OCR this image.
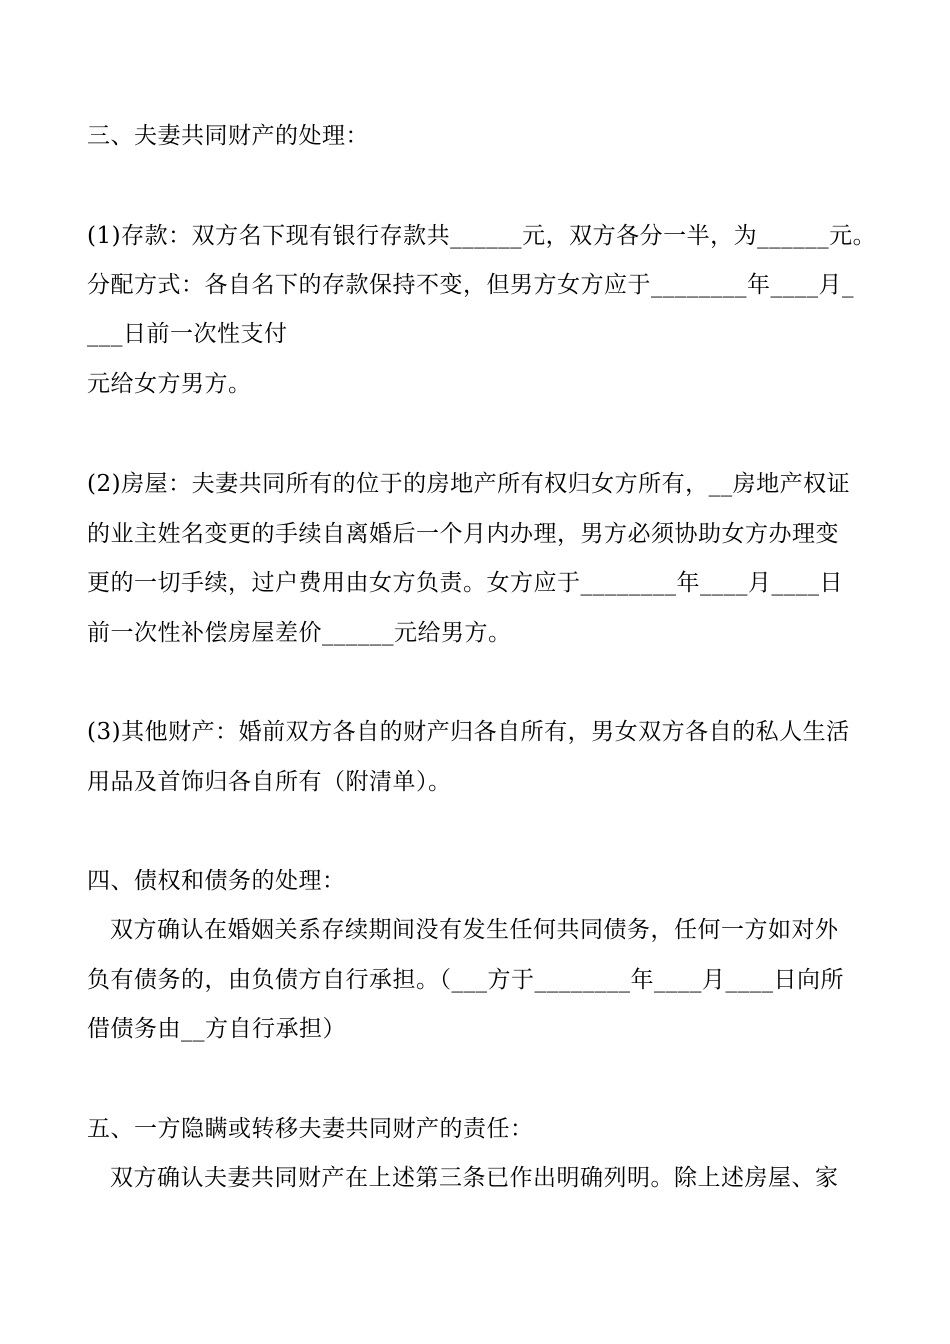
三、夫妻共同财产的处理：
(1)存款：双方名下现有银行存款共______元，双方各分一半，为______元。
分配方式：各自名下的存款保持不变，但男方女方应于________年____月_
___日前一次性支付
元给女方男方。
(2)房屋：夫妻共同所有的位于的房地产所有权归女方所有，__房地产权证
的业主姓名变更的手续自离婚后一个月内办理，男方必须协助女方办理变
更的一切手续，过户费用由女方负责。女方应于________年____月____日
前一次性补偿房屋差价______元给男方。
(3)其他财产：婚前双方各自的财产归各自所有，男女双方各自的私人生活
用品及首饰归各自所有（附清单）。
四、债权和债务的处理：
双方确认在婚姻关系存续期间没有发生任何共同债务，任何一方如对外
负有债务的，由负债方自行承担。（___方于________年____月____日向所
借债务由__方自行承担）
五、一方隐瞒或转移夫妻共同财产的责任：
双方确认夫妻共同财产在上述第三条已作出明确列明。除上述房屋、家
